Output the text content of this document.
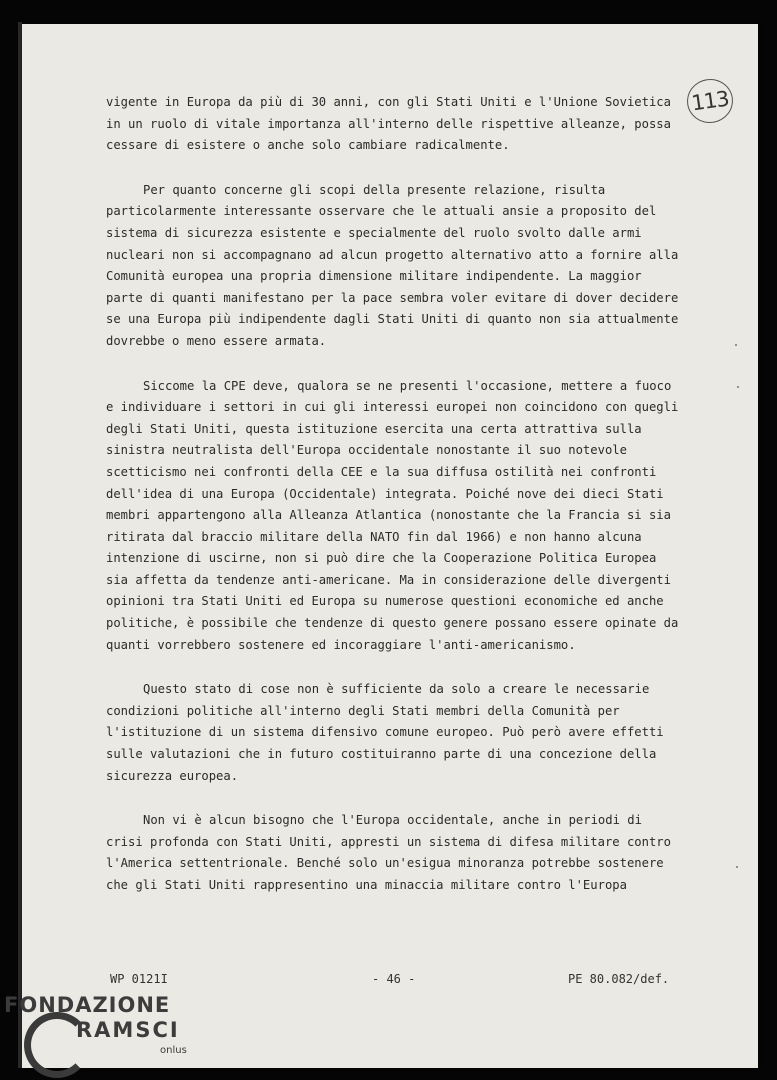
113

vigente in Europa da più di 30 anni, con gli Stati Uniti e l'Unione Sovietica
in un ruolo di vitale importanza all'interno delle rispettive alleanze, possa
cessare di esistere o anche solo cambiare radicalmente.

Per quanto concerne gli scopi della presente relazione, risulta
particolarmente interessante osservare che le attuali ansie a proposito del
sistema di sicurezza esistente e specialmente del ruolo svolto dalle armi
nucleari non si accompagnano ad alcun progetto alternativo atto a fornire alla
Comunità europea una propria dimensione militare indipendente. La maggior
parte di quanti manifestano per la pace sembra voler evitare di dover decidere
se una Europa più indipendente dagli Stati Uniti di quanto non sia attualmente
dovrebbe o meno essere armata.

Siccome la CPE deve, qualora se ne presenti l'occasione, mettere a fuoco
e individuare i settori in cui gli interessi europei non coincidono con quegli
degli Stati Uniti, questa istituzione esercita una certa attrattiva sulla
sinistra neutralista dell'Europa occidentale nonostante il suo notevole
scetticismo nei confronti della CEE e la sua diffusa ostilità nei confronti
dell'idea di una Europa (Occidentale) integrata. Poiché nove dei dieci Stati
membri appartengono alla Alleanza Atlantica (nonostante che la Francia si sia
ritirata dal braccio militare della NATO fin dal 1966) e non hanno alcuna
intenzione di uscirne, non si può dire che la Cooperazione Politica Europea
sia affetta da tendenze anti-americane. Ma in considerazione delle divergenti
opinioni tra Stati Uniti ed Europa su numerose questioni economiche ed anche
politiche, è possibile che tendenze di questo genere possano essere opinate da
quanti vorrebbero sostenere ed incoraggiare l'anti-americanismo.

Questo stato di cose non è sufficiente da solo a creare le necessarie
condizioni politiche all'interno degli Stati membri della Comunità per
l'istituzione di un sistema difensivo comune europeo. Può però avere effetti
sulle valutazioni che in futuro costituiranno parte di una concezione della
sicurezza europea.

Non vi è alcun bisogno che l'Europa occidentale, anche in periodi di
crisi profonda con Stati Uniti, appresti un sistema di difesa militare contro
l'America settentrionale. Benché solo un'esigua minoranza potrebbe sostenere
che gli Stati Uniti rappresentino una minaccia militare contro l'Europa

WP 0121I	- 46 -	PE 80.082/def.
FONDAZIONE
RAMSCI
onlus
